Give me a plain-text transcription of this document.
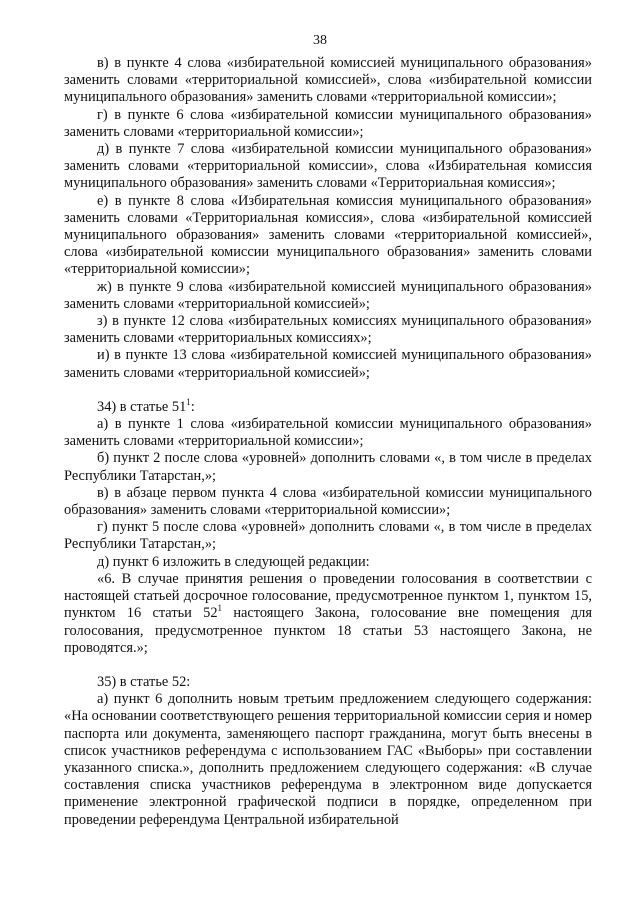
38

в) в пункте 4 слова «избирательной комиссией муниципального образования» заменить словами «территориальной комиссией», слова «избирательной комиссии муниципального образования» заменить словами «территориальной комиссии»;

г) в пункте 6 слова «избирательной комиссии муниципального образования» заменить словами «территориальной комиссии»;

д) в пункте 7 слова «избирательной комиссии муниципального образования» заменить словами «территориальной комиссии», слова «Избирательная комиссия муниципального образования» заменить словами «Территориальная комиссия»;

е) в пункте 8 слова «Избирательная комиссия муниципального образования» заменить словами «Территориальная комиссия», слова «избирательной комиссией муниципального образования» заменить словами «территориальной комиссией», слова «избирательной комиссии муниципального образования» заменить словами «территориальной комиссии»;

ж) в пункте 9 слова «избирательной комиссией муниципального образования» заменить словами «территориальной комиссией»;

з) в пункте 12 слова «избирательных комиссиях муниципального образования» заменить словами «территориальных комиссиях»;

и) в пункте 13 слова «избирательной комиссией муниципального образования» заменить словами «территориальной комиссией»;

34) в статье $51^1$:

а) в пункте 1 слова «избирательной комиссии муниципального образования» заменить словами «территориальной комиссии»;

б) пункт 2 после слова «уровней» дополнить словами «, в том числе в пределах Республики Татарстан,»;

в) в абзаце первом пункта 4 слова «избирательной комиссии муниципального образования» заменить словами «территориальной комиссии»;

г) пункт 5 после слова «уровней» дополнить словами «, в том числе в пределах Республики Татарстан,»;

д) пункт 6 изложить в следующей редакции:

«6. В случае принятия решения о проведении голосования в соответствии с настоящей статьей досрочное голосование, предусмотренное пунктом 1, пунктом 15, пунктом 16 статьи $52^1$ настоящего Закона, голосование вне помещения для голосования, предусмотренное пунктом 18 статьи 53 настоящего Закона, не проводятся.»;

35) в статье 52:

а) пункт 6 дополнить новым третьим предложением следующего содержания: «На основании соответствующего решения территориальной комиссии серия и номер паспорта или документа, заменяющего паспорт гражданина, могут быть внесены в список участников референдума с использованием ГАС «Выборы» при составлении указанного списка.», дополнить предложением следующего содержания: «В случае составления списка участников референдума в электронном виде допускается применение электронной графической подписи в порядке, определенном при проведении референдума Центральной избирательной
